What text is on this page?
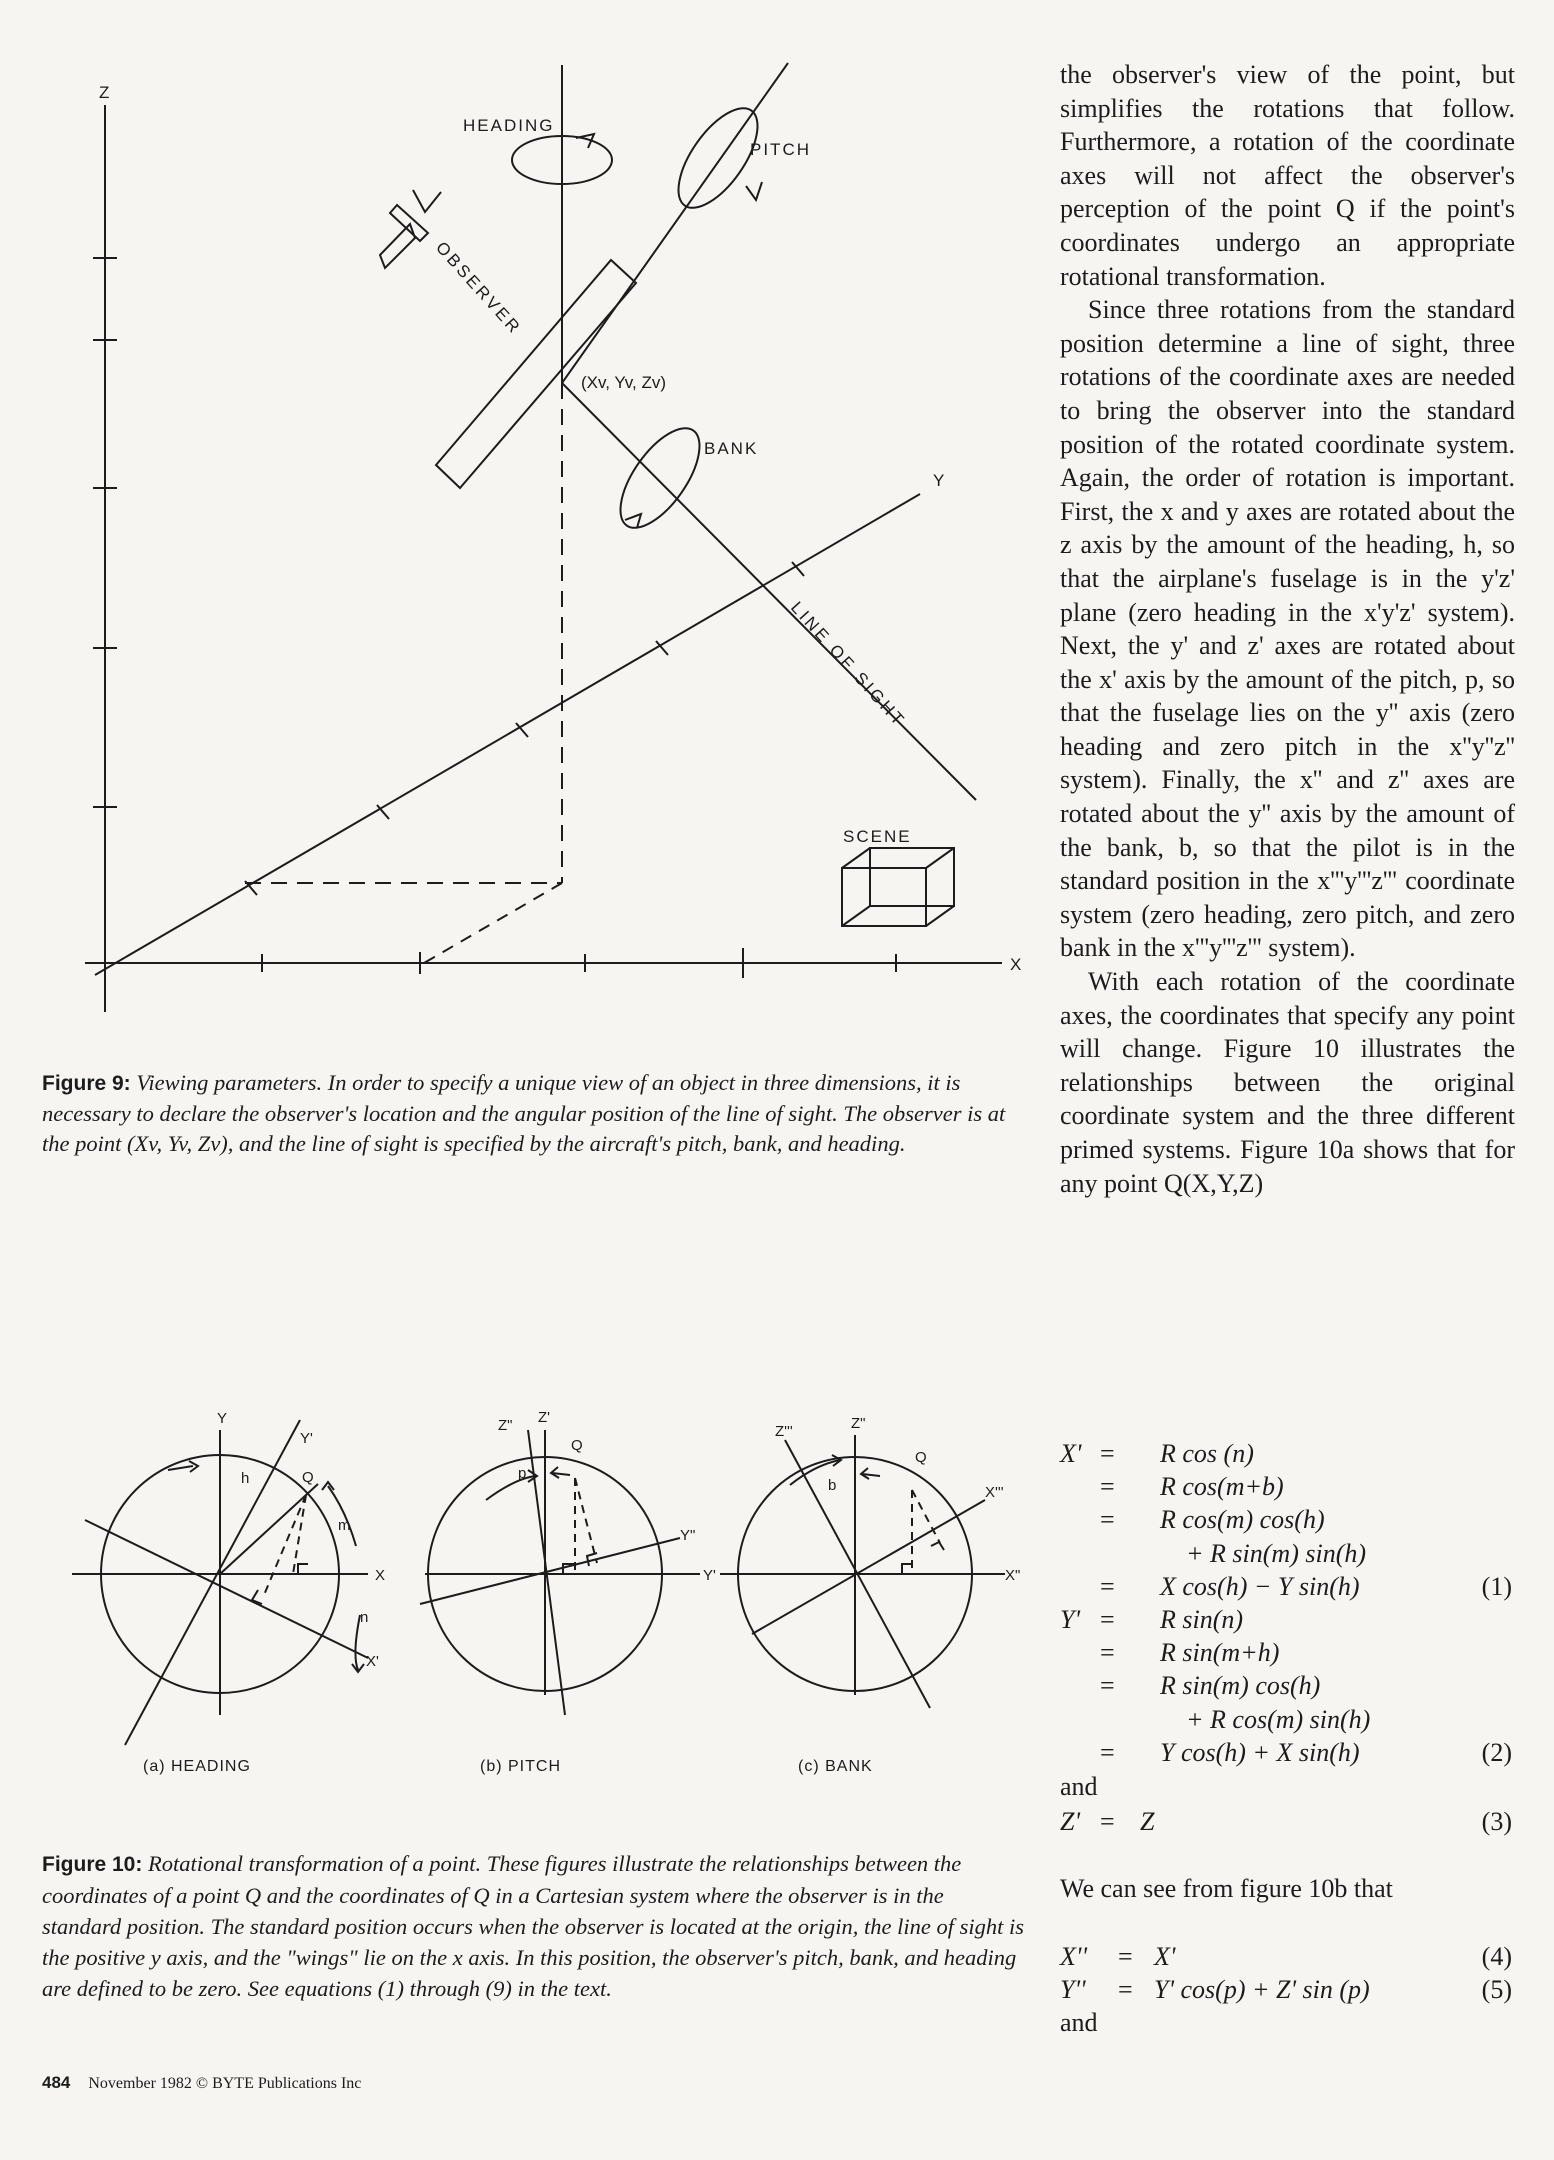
Z
Y
X
HEADING
PITCH
BANK
(Xv, Yv, Zv)
OBSERVER
LINE OF SIGHT
SCENE

Figure 9: Viewing parameters. In order to specify a unique view of an object in three dimensions, it is necessary to declare the observer's location and the angular position of the line of sight. The observer is at the point (Xv, Yv, Zv), and the line of sight is specified by the aircraft's pitch, bank, and heading.

Y
Y'
h	Q
m
X
n
X'
(a) HEADING
Z" Z'
Q
p
Y"
Y'
(b) PITCH
Z'''	Z"
Q
b	X'''
X"
(c) BANK

Figure 10: Rotational transformation of a point. These figures illustrate the relationships between the coordinates of a point Q and the coordinates of Q in a Cartesian system where the observer is in the standard position. The standard position occurs when the observer is located at the origin, the line of sight is the positive y axis, and the "wings" lie on the x axis. In this position, the observer's pitch, bank, and heading are defined to be zero. See equations (1) through (9) in the text.

the observer's view of the point, but simplifies the rotations that follow. Furthermore, a rotation of the coordinate axes will not affect the observer's perception of the point Q if the point's coordinates undergo an appropriate rotational transformation.

Since three rotations from the standard position determine a line of sight, three rotations of the coordinate axes are needed to bring the observer into the standard position of the rotated coordinate system. Again, the order of rotation is important. First, the x and y axes are rotated about the z axis by the amount of the heading, h, so that the airplane's fuselage is in the y'z' plane (zero heading in the x'y'z' system). Next, the y' and z' axes are rotated about the x' axis by the amount of the pitch, p, so that the fuselage lies on the y'' axis (zero heading and zero pitch in the x''y''z'' system). Finally, the x'' and z'' axes are rotated about the y'' axis by the amount of the bank, b, so that the pilot is in the standard position in the x'''y'''z''' coordinate system (zero heading, zero pitch, and zero bank in the x'''y'''z''' system).

With each rotation of the coordinate axes, the coordinates that specify any point will change. Figure 10 illustrates the relationships between the original coordinate system and the three different primed systems. Figure 10a shows that for any point Q(X,Y,Z)

X' = R cos (n)
= R cos(m+b)
= R cos(m) cos(h)
+ R sin(m) sin(h)
= X cos(h) − Y sin(h)	(1)
Y' = R sin(n)
= R sin(m+h)
= R sin(m) cos(h)
+ R cos(m) sin(h)
= Y cos(h) + X sin(h)	(2)
and
Z' = Z	(3)
We can see from figure 10b that
X''	= X'	(4)
Y''	= Y' cos(p) + Z' sin (p)	(5)
and
484 November 1982 © BYTE Publications Inc
